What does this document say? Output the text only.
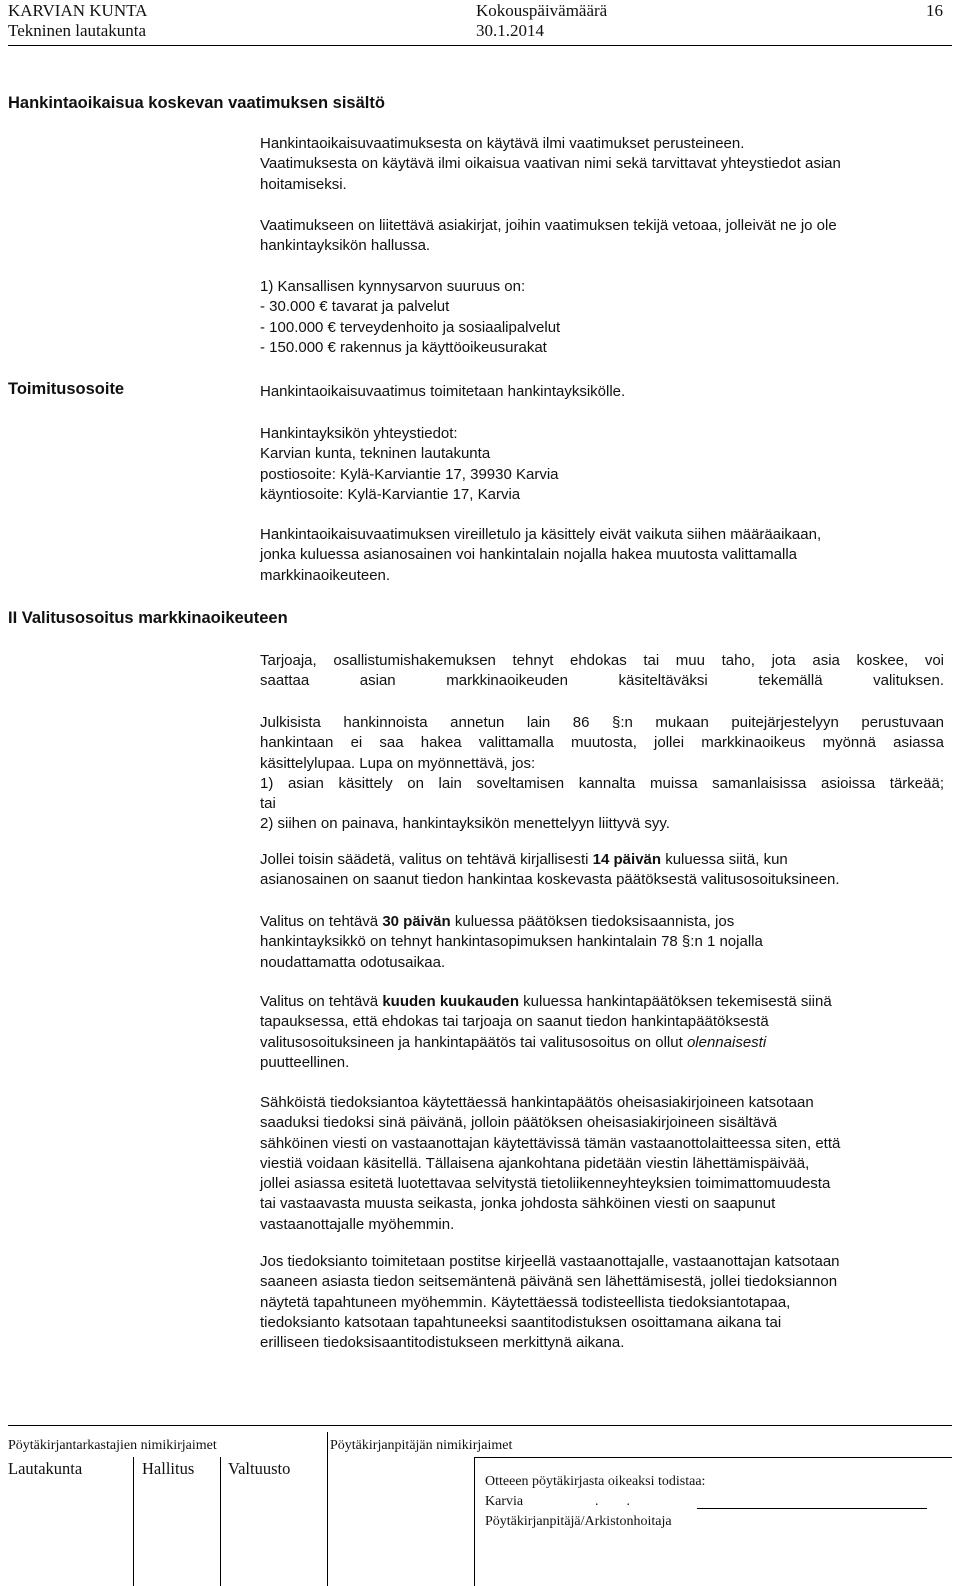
KARVIAN KUNTA
Tekninen lautakunta
Kokouspäivämäärä
30.1.2014
16
Hankintaoikaisua koskevan vaatimuksen sisältö
Hankintaoikaisuvaatimuksesta on käytävä ilmi vaatimukset perusteineen.
Vaatimuksesta on käytävä ilmi oikaisua vaativan nimi sekä tarvittavat yhteystiedot asian
hoitamiseksi.
Vaatimukseen on liitettävä asiakirjat, joihin vaatimuksen tekijä vetoaa, jolleivät ne jo ole
hankintayksikön hallussa.
1) Kansallisen kynnysarvon suuruus on:
- 30.000 € tavarat ja palvelut
- 100.000 € terveydenhoito ja sosiaalipalvelut
- 150.000 € rakennus ja käyttöoikeusurakat
Toimitusosoite	Hankintaoikaisuvaatimus toimitetaan hankintayksikölle.
Hankintayksikön yhteystiedot:
Karvian kunta, tekninen lautakunta
postiosoite: Kylä-Karviantie 17, 39930 Karvia
käyntiosoite: Kylä-Karviantie 17, Karvia
Hankintaoikaisuvaatimuksen vireilletulo ja käsittely eivät vaikuta siihen määräaikaan,
jonka kuluessa asianosainen voi hankintalain nojalla hakea muutosta valittamalla
markkinaoikeuteen.
II Valitusosoitus markkinaoikeuteen
Tarjoaja, osallistumishakemuksen tehnyt ehdokas tai muu taho, jota asia koskee, voi
saattaa asian markkinaoikeuden käsiteltäväksi tekemällä valituksen.
Julkisista hankinnoista annetun lain 86 §:n mukaan puitejärjestelyyn perustuvaan
hankintaan ei saa hakea valittamalla muutosta, jollei markkinaoikeus myönnä asiassa
käsittelylupaa. Lupa on myönnettävä, jos:
1) asian käsittely on lain soveltamisen kannalta muissa samanlaisissa asioissa tärkeää;
tai
2) siihen on painava, hankintayksikön menettelyyn liittyvä syy.
Jollei toisin säädetä, valitus on tehtävä kirjallisesti 14 päivän kuluessa siitä, kun
asianosainen on saanut tiedon hankintaa koskevasta päätöksestä valitusosoituksineen.
Valitus on tehtävä 30 päivän kuluessa päätöksen tiedoksisaannista, jos
hankintayksikkö on tehnyt hankintasopimuksen hankintalain 78 §:n 1 nojalla
noudattamatta odotusaikaa.
Valitus on tehtävä kuuden kuukauden kuluessa hankintapäätöksen tekemisestä siinä
tapauksessa, että ehdokas tai tarjoaja on saanut tiedon hankintapäätöksestä
valitusosoituksineen ja hankintapäätös tai valitusosoitus on ollut olennaisesti
puutteellinen.
Sähköistä tiedoksiantoa käytettäessä hankintapäätös oheisasiakirjoineen katsotaan
saaduksi tiedoksi sinä päivänä, jolloin päätöksen oheisasiakirjoineen sisältävä
sähköinen viesti on vastaanottajan käytettävissä tämän vastaanottolaitteessa siten, että
viestiä voidaan käsitellä. Tällaisena ajankohtana pidetään viestin lähettämispäivää,
jollei asiassa esitetä luotettavaa selvitystä tietoliikenneyhteyksien toimimattomuudesta
tai vastaavasta muusta seikasta, jonka johdosta sähköinen viesti on saapunut
vastaanottajalle myöhemmin.
Jos tiedoksianto toimitetaan postitse kirjeellä vastaanottajalle, vastaanottajan katsotaan
saaneen asiasta tiedon seitsemäntenä päivänä sen lähettämisestä, jollei tiedoksiannon
näytetä tapahtuneen myöhemmin. Käytettäessä todisteellista tiedoksiantotapaa,
tiedoksianto katsotaan tapahtuneeksi saantitodistuksen osoittamana aikana tai
erilliseen tiedoksisaantitodistukseen merkittynä aikana.
Pöytäkirjantarkastajien nimikirjaimet	Pöytäkirjanpitäjän nimikirjaimet
Lautakunta	Hallitus Valtuusto
Otteeen pöytäkirjasta oikeaksi todistaa:
Karvia	.        .
Pöytäkirjanpitäjä/Arkistonhoitaja
